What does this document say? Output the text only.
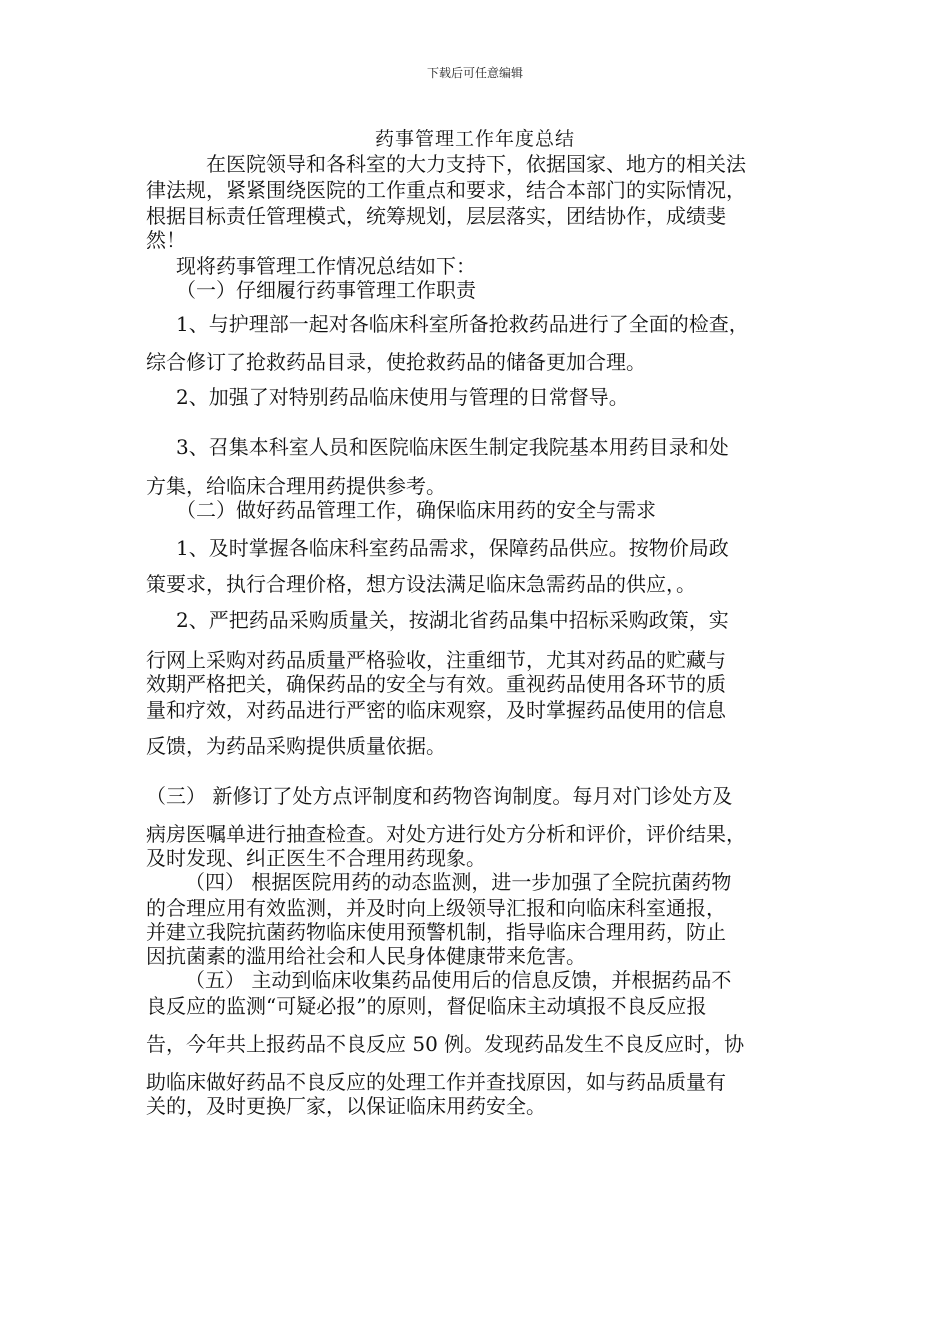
下载后可任意编辑
药事管理工作年度总结
在医院领导和各科室的大力支持下，依据国家、地方的相关法
律法规，紧紧围绕医院的工作重点和要求，结合本部门的实际情况，
根据目标责任管理模式，统筹规划，层层落实，团结协作，成绩斐
然！
现将药事管理工作情况总结如下：
（一）仔细履行药事管理工作职责
1、与护理部一起对各临床科室所备抢救药品进行了全面的检查，
综合修订了抢救药品目录，使抢救药品的储备更加合理。
2、加强了对特别药品临床使用与管理的日常督导。
3、召集本科室人员和医院临床医生制定我院基本用药目录和处
方集，给临床合理用药提供参考。
（二）做好药品管理工作，确保临床用药的安全与需求
1、及时掌握各临床科室药品需求，保障药品供应。按物价局政
策要求，执行合理价格，想方设法满足临床急需药品的供应，。
2、严把药品采购质量关，按湖北省药品集中招标采购政策，实
行网上采购对药品质量严格验收，注重细节，尤其对药品的贮藏与
效期严格把关，确保药品的安全与有效。重视药品使用各环节的质
量和疗效，对药品进行严密的临床观察，及时掌握药品使用的信息
反馈，为药品采购提供质量依据。
（三） 新修订了处方点评制度和药物咨询制度。每月对门诊处方及
病房医嘱单进行抽查检查。对处方进行处方分析和评价，评价结果，
及时发现、纠正医生不合理用药现象。
（四） 根据医院用药的动态监测，进一步加强了全院抗菌药物
的合理应用有效监测，并及时向上级领导汇报和向临床科室通报，
并建立我院抗菌药物临床使用预警机制，指导临床合理用药，防止
因抗菌素的滥用给社会和人民身体健康带来危害。
（五） 主动到临床收集药品使用后的信息反馈，并根据药品不
良反应的监测“可疑必报”的原则，督促临床主动填报不良反应报
告，今年共上报药品不良反应 50 例。发现药品发生不良反应时，协
助临床做好药品不良反应的处理工作并查找原因，如与药品质量有
关的，及时更换厂家，以保证临床用药安全。
